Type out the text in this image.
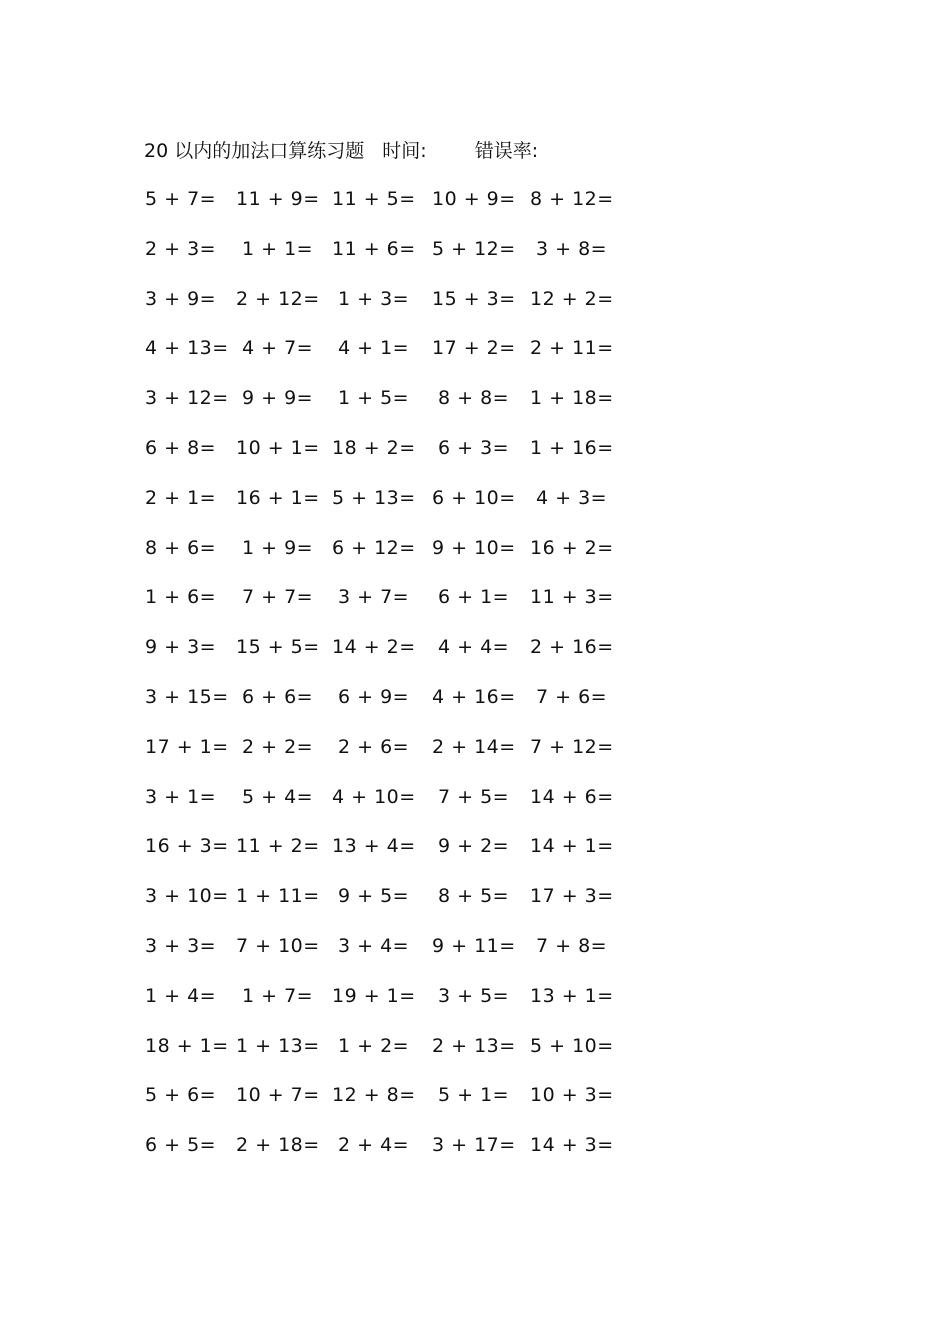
20 以内的加法口算练习题 时间:	错误率:
5 + 7= 11 + 9= 11 + 5= 10 + 9= 8 + 12=
2 + 3= 1 + 1= 11 + 6= 5 + 12= 3 + 8=
3 + 9= 2 + 12= 1 + 3= 15 + 3= 12 + 2=
4 + 13= 4 + 7= 4 + 1= 17 + 2= 2 + 11=
3 + 12= 9 + 9= 1 + 5= 8 + 8= 1 + 18=
6 + 8= 10 + 1= 18 + 2= 6 + 3= 1 + 16=
2 + 1= 16 + 1= 5 + 13= 6 + 10= 4 + 3=
8 + 6= 1 + 9= 6 + 12= 9 + 10= 16 + 2=
1 + 6= 7 + 7= 3 + 7= 6 + 1= 11 + 3=
9 + 3= 15 + 5= 14 + 2= 4 + 4= 2 + 16=
3 + 15= 6 + 6= 6 + 9= 4 + 16= 7 + 6=
17 + 1= 2 + 2= 2 + 6= 2 + 14= 7 + 12=
3 + 1= 5 + 4= 4 + 10= 7 + 5= 14 + 6=
16 + 3= 11 + 2= 13 + 4= 9 + 2= 14 + 1=
3 + 10= 1 + 11= 9 + 5= 8 + 5= 17 + 3=
3 + 3= 7 + 10= 3 + 4= 9 + 11= 7 + 8=
1 + 4= 1 + 7= 19 + 1= 3 + 5= 13 + 1=
18 + 1= 1 + 13= 1 + 2= 2 + 13= 5 + 10=
5 + 6= 10 + 7= 12 + 8= 5 + 1= 10 + 3=
6 + 5= 2 + 18= 2 + 4= 3 + 17= 14 + 3=
